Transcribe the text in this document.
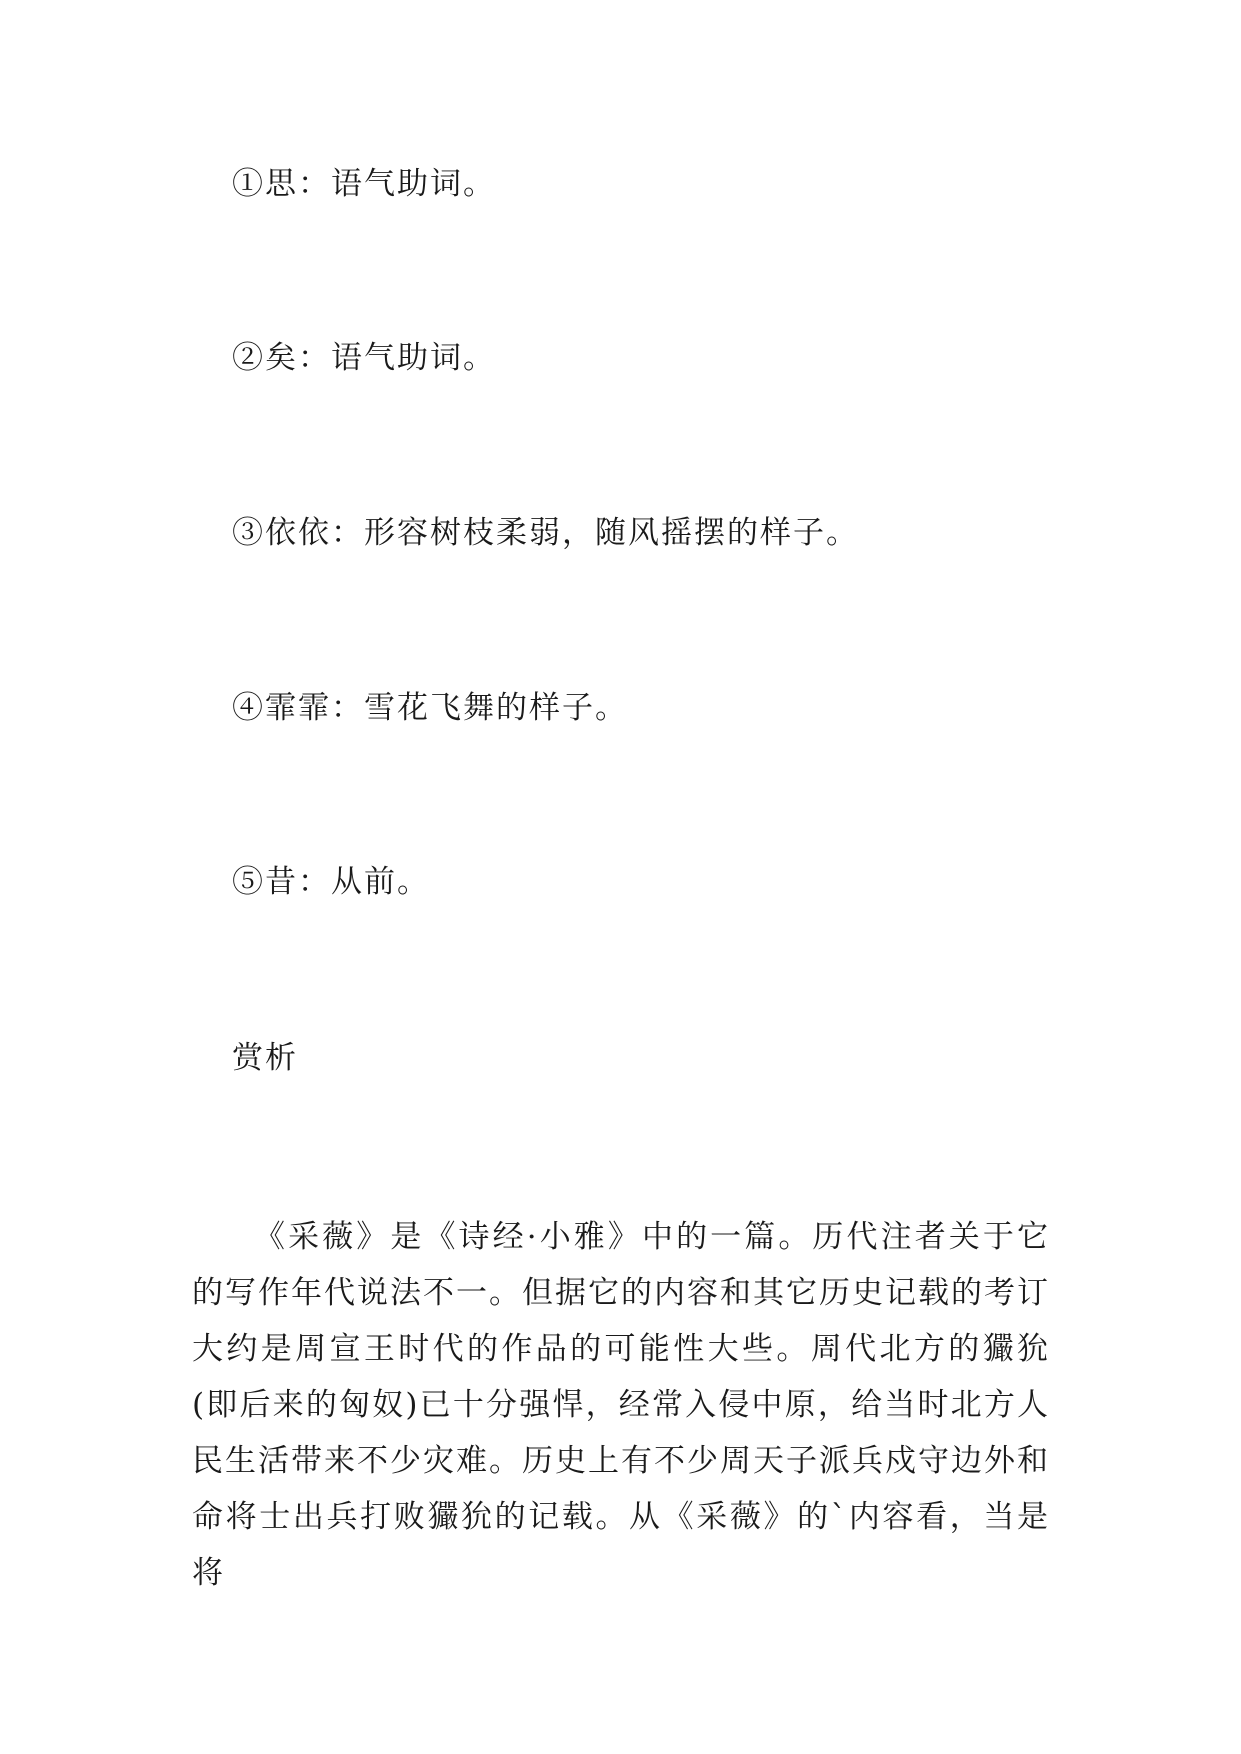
①思：语气助词。
②矣：语气助词。
③依依：形容树枝柔弱，随风摇摆的样子。
④霏霏：雪花飞舞的样子。
⑤昔：从前。
赏析

《采薇》是《诗经·小雅》中的一篇。历代注者关于它的写作年代说法不一。但据它的内容和其它历史记载的考订大约是周宣王时代的作品的可能性大些。周代北方的玁狁(即后来的匈奴)已十分强悍，经常入侵中原，给当时北方人民生活带来不少灾难。历史上有不少周天子派兵戍守边外和命将士出兵打败玁狁的记载。从《采薇》的`内容看，当是将
